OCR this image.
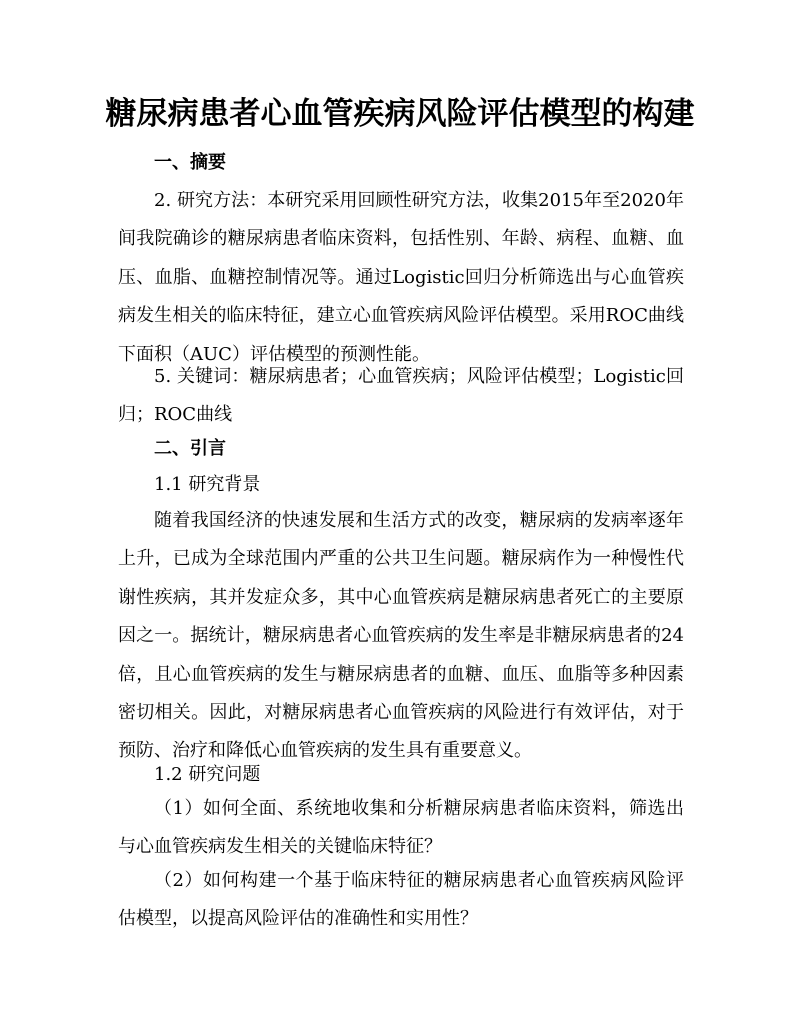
糖尿病患者心血管疾病风险评估模型的构建

一、摘要

2. 研究方法：本研究采用回顾性研究方法，收集2015年至2020年间我院确诊的糖尿病患者临床资料，包括性别、年龄、病程、血糖、血压、血脂、血糖控制情况等。通过Logistic回归分析筛选出与心血管疾病发生相关的临床特征，建立心血管疾病风险评估模型。采用ROC曲线下面积（AUC）评估模型的预测性能。

5. 关键词：糖尿病患者；心血管疾病；风险评估模型；Logistic回归；ROC曲线

二、引言

1.1 研究背景

随着我国经济的快速发展和生活方式的改变，糖尿病的发病率逐年上升，已成为全球范围内严重的公共卫生问题。糖尿病作为一种慢性代谢性疾病，其并发症众多，其中心血管疾病是糖尿病患者死亡的主要原因之一。据统计，糖尿病患者心血管疾病的发生率是非糖尿病患者的24倍，且心血管疾病的发生与糖尿病患者的血糖、血压、血脂等多种因素密切相关。因此，对糖尿病患者心血管疾病的风险进行有效评估，对于预防、治疗和降低心血管疾病的发生具有重要意义。

1.2 研究问题

（1）如何全面、系统地收集和分析糖尿病患者临床资料，筛选出与心血管疾病发生相关的关键临床特征？

（2）如何构建一个基于临床特征的糖尿病患者心血管疾病风险评估模型，以提高风险评估的准确性和实用性？
